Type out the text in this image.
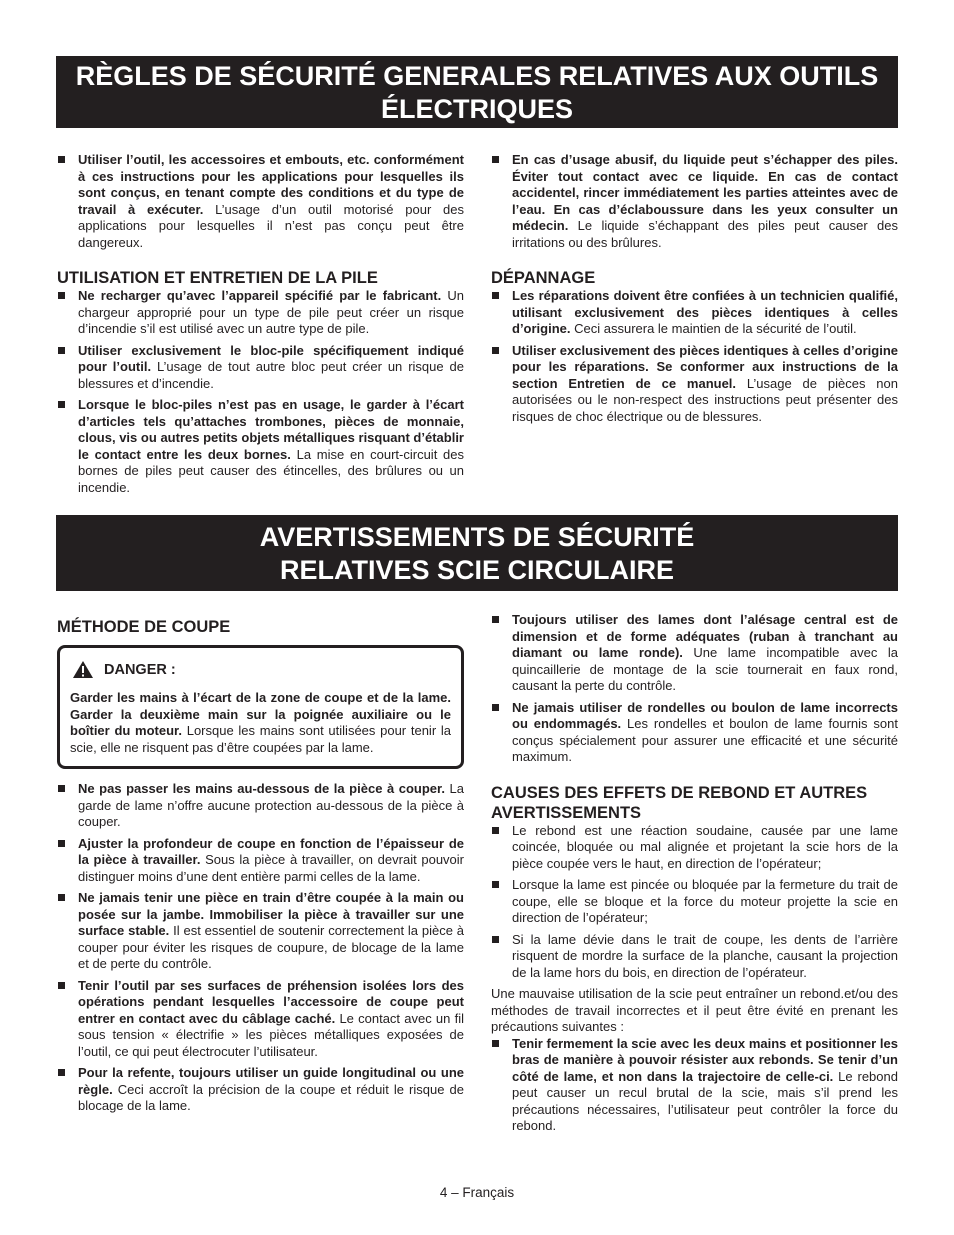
RÈGLES DE SÉCURITÉ GENERALES RELATIVES AUX OUTILS
ÉLECTRIQUES
Utiliser l’outil, les accessoires et embouts, etc. conformément à ces instructions pour les applications pour lesquelles ils sont conçus, en tenant compte des conditions et du type de travail à exécuter. L’usage d’un outil motorisé pour des applications pour lesquelles il n’est pas conçu peut être dangereux.

UTILISATION ET ENTRETIEN DE LA PILE

Ne recharger qu’avec l’appareil spécifié par le fabricant. Un chargeur approprié pour un type de pile peut créer un risque d’incendie s’il est utilisé avec un autre type de pile.
Utiliser exclusivement le bloc-pile spécifiquement indiqué pour l’outil. L’usage de tout autre bloc peut créer un risque de blessures et d’incendie.
Lorsque le bloc-piles n’est pas en usage, le garder à l’écart d’articles tels qu’attaches trombones, pièces de monnaie, clous, vis ou autres petits objets métalliques risquant d’établir le contact entre les deux bornes. La mise en court-circuit des bornes de piles peut causer des étincelles, des brûlures ou un incendie.
En cas d’usage abusif, du liquide peut s’échapper des piles. Éviter tout contact avec ce liquide. En cas de contact accidentel, rincer immédiatement les parties atteintes avec de l’eau. En cas d’éclaboussure dans les yeux consulter un médecin. Le liquide s’échappant des piles peut causer des irritations ou des brûlures.

DÉPANNAGE

Les réparations doivent être confiées à un technicien qualifié, utilisant exclusivement des pièces identiques à celles d’origine. Ceci assurera le maintien de la sécurité de l’outil.
Utiliser exclusivement des pièces identiques à celles d’origine pour les réparations. Se conformer aux instructions de la section Entretien de ce manuel. L’usage de pièces non autorisées ou le non-respect des instructions peut présenter des risques de choc électrique ou de blessures.
AVERTISSEMENTS DE SÉCURITÉ
RELATIVES SCIE CIRCULAIRE

MÉTHODE DE COUPE

DANGER :
Garder les mains à l’écart de la zone de coupe et de la lame. Garder la deuxième main sur la poignée auxiliaire ou le boîtier du moteur. Lorsque les mains sont utilisées pour tenir la scie, elle ne risquent pas d’être coupées par la lame.
Ne pas passer les mains au-dessous de la pièce à couper. La garde de lame n’offre aucune protection au-dessous de la pièce à couper.
Ajuster la profondeur de coupe en fonction de l’épaisseur de la pièce à travailler. Sous la pièce à travailler, on devrait pouvoir distinguer moins d’une dent entière parmi celles de la lame.
Ne jamais tenir une pièce en train d’être coupée à la main ou posée sur la jambe. Immobiliser la pièce à travailler sur une surface stable. Il est essentiel de soutenir correctement la pièce à couper pour éviter les risques de coupure, de blocage de la lame et de perte du contrôle.
Tenir l’outil par ses surfaces de préhension isolées lors des opérations pendant lesquelles l’accessoire de coupe peut entrer en contact avec du câblage caché. Le contact avec un fil sous tension « électrifie » les pièces métalliques exposées de l’outil, ce qui peut électrocuter l’utilisateur.
Pour la refente, toujours utiliser un guide longitudinal ou une règle. Ceci accroît la précision de la coupe et réduit le risque de blocage de la lame.
Toujours utiliser des lames dont l’alésage central est de dimension et de forme adéquates (ruban à tranchant au diamant ou lame ronde). Une lame incompatible avec la quincaillerie de montage de la scie tournerait en faux rond, causant la perte du contrôle.
Ne jamais utiliser de rondelles ou boulon de lame incorrects ou endommagés. Les rondelles et boulon de lame fournis sont conçus spécialement pour assurer une efficacité et une sécurité maximum.

CAUSES DES EFFETS DE REBOND ET AUTRES AVERTISSEMENTS

Le rebond est une réaction soudaine, causée par une lame coincée, bloquée ou mal alignée et projetant la scie hors de la pièce coupée vers le haut, en direction de l’opérateur;
Lorsque la lame est pincée ou bloquée par la fermeture du trait de coupe, elle se bloque et la force du moteur projette la scie en direction de l’opérateur;
Si la lame dévie dans le trait de coupe, les dents de l’arrière risquent de mordre la surface de la planche, causant la projection de la lame hors du bois, en direction de l’opérateur.

Une mauvaise utilisation de la scie peut entraîner un rebond.et/ou des méthodes de travail incorrectes et il peut être évité en prenant les précautions suivantes :

Tenir fermement la scie avec les deux mains et positionner les bras de manière à pouvoir résister aux rebonds. Se tenir d’un côté de lame, et non dans la trajectoire de celle-ci. Le rebond peut causer un recul brutal de la scie, mais s’il prend les précautions nécessaires, l’utilisateur peut contrôler la force du rebond.
4 – Français
